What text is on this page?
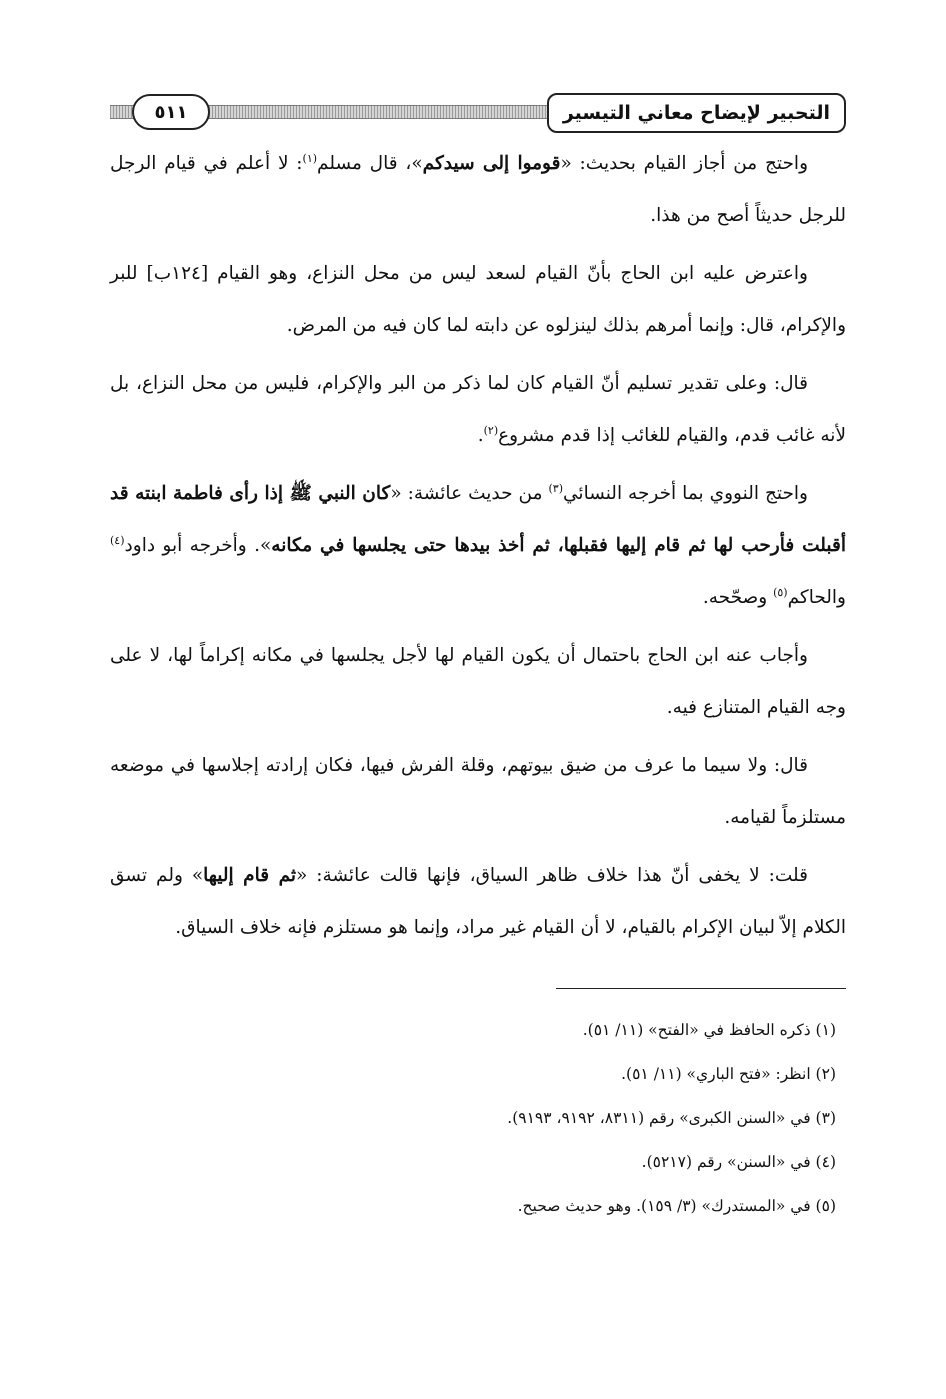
التحبير لإيضاح معاني التيسير
٥١١

واحتج من أجاز القيام بحديث: «قوموا إلى سيدكم»، قال مسلم$^{(١)}$: لا أعلم في قيام الرجل للرجل حديثاً أصح من هذا.

واعترض عليه ابن الحاج بأنّ القيام لسعد ليس من محل النزاع، وهو القيام [١٢٤ب] للبر والإكرام، قال: وإنما أمرهم بذلك لينزلوه عن دابته لما كان فيه من المرض.

قال: وعلى تقدير تسليم أنّ القيام كان لما ذكر من البر والإكرام، فليس من محل النزاع، بل لأنه غائب قدم، والقيام للغائب إذا قدم مشروع$^{(٢)}$.

واحتج النووي بما أخرجه النسائي$^{(٣)}$ من حديث عائشة: «كان النبي ﷺ إذا رأى فاطمة ابنته قد أقبلت فأرحب لها ثم قام إليها فقبلها، ثم أخذ بيدها حتى يجلسها في مكانه». وأخرجه أبو داود$^{(٤)}$ والحاكم$^{(٥)}$ وصحّحه.

وأجاب عنه ابن الحاج باحتمال أن يكون القيام لها لأجل يجلسها في مكانه إكراماً لها، لا على وجه القيام المتنازع فيه.

قال: ولا سيما ما عرف من ضيق بيوتهم، وقلة الفرش فيها، فكان إرادته إجلاسها في موضعه مستلزماً لقيامه.

قلت: لا يخفى أنّ هذا خلاف ظاهر السياق، فإنها قالت عائشة: «ثم قام إليها» ولم تسق الكلام إلاّ لبيان الإكرام بالقيام، لا أن القيام غير مراد، وإنما هو مستلزم فإنه خلاف السياق.

(١) ذكره الحافظ في «الفتح» (١١/ ٥١).
(٢) انظر: «فتح الباري» (١١/ ٥١).
(٣) في «السنن الكبرى» رقم (٨٣١١، ٩١٩٢، ٩١٩٣).
(٤) في «السنن» رقم (٥٢١٧).
(٥) في «المستدرك» (٣/ ١٥٩). وهو حديث صحيح.
